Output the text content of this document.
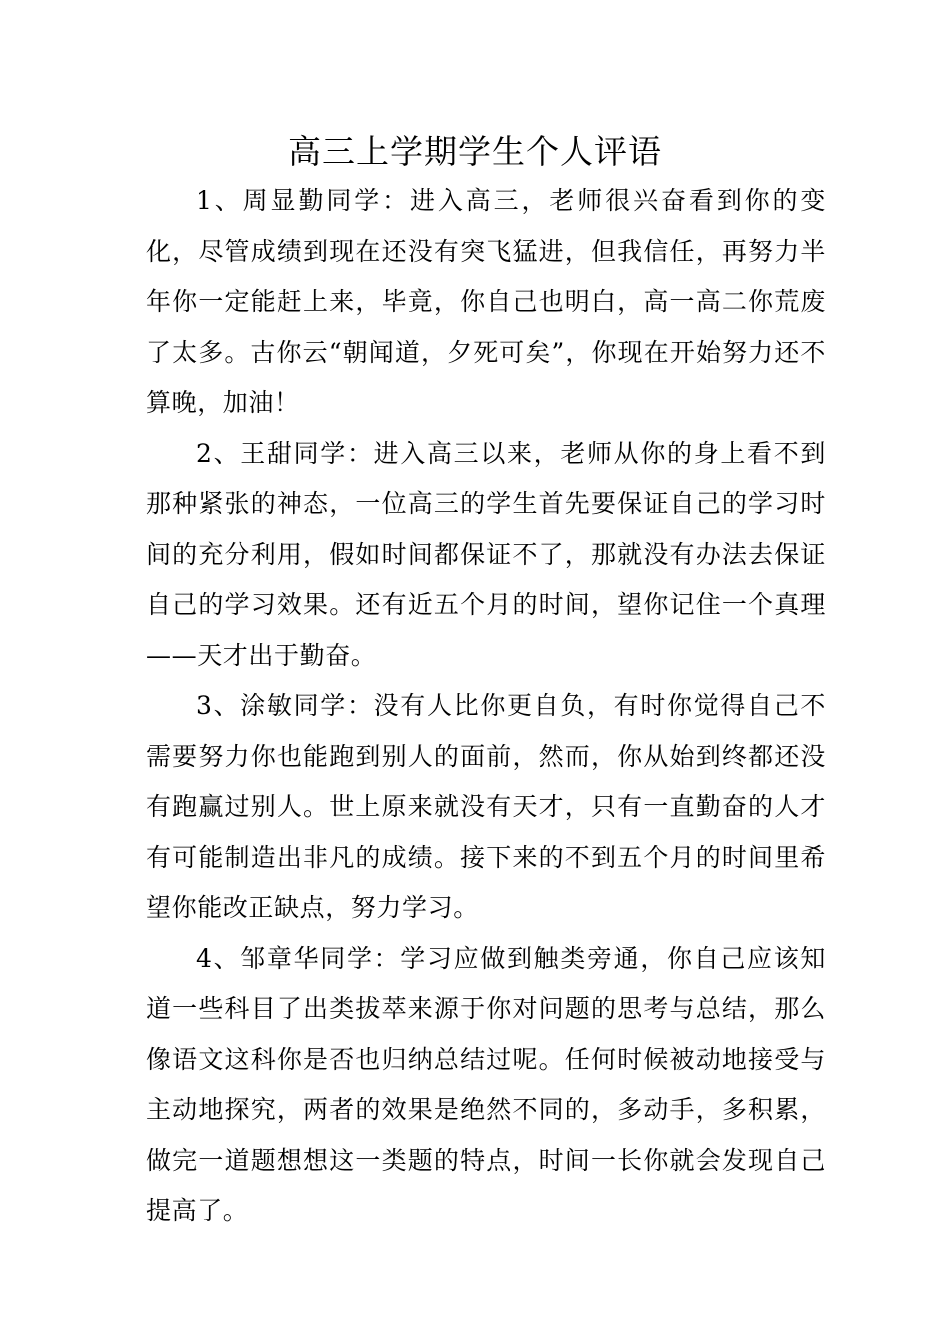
高三上学期学生个人评语

1、周显勤同学：进入高三，老师很兴奋看到你的变化，尽管成绩到现在还没有突飞猛进，但我信任，再努力半年你一定能赶上来，毕竟，你自己也明白，高一高二你荒废了太多。古你云“朝闻道，夕死可矣”，你现在开始努力还不算晚，加油！

2、王甜同学：进入高三以来，老师从你的身上看不到那种紧张的神态，一位高三的学生首先要保证自己的学习时间的充分利用，假如时间都保证不了，那就没有办法去保证自己的学习效果。还有近五个月的时间，望你记住一个真理——天才出于勤奋。

3、涂敏同学：没有人比你更自负，有时你觉得自己不需要努力你也能跑到别人的面前，然而，你从始到终都还没有跑赢过别人。世上原来就没有天才，只有一直勤奋的人才有可能制造出非凡的成绩。接下来的不到五个月的时间里希望你能改正缺点，努力学习。

4、邹章华同学：学习应做到触类旁通，你自己应该知道一些科目了出类拔萃来源于你对问题的思考与总结，那么像语文这科你是否也归纳总结过呢。任何时候被动地接受与主动地探究，两者的效果是绝然不同的，多动手，多积累，做完一道题想想这一类题的特点，时间一长你就会发现自己提高了。
